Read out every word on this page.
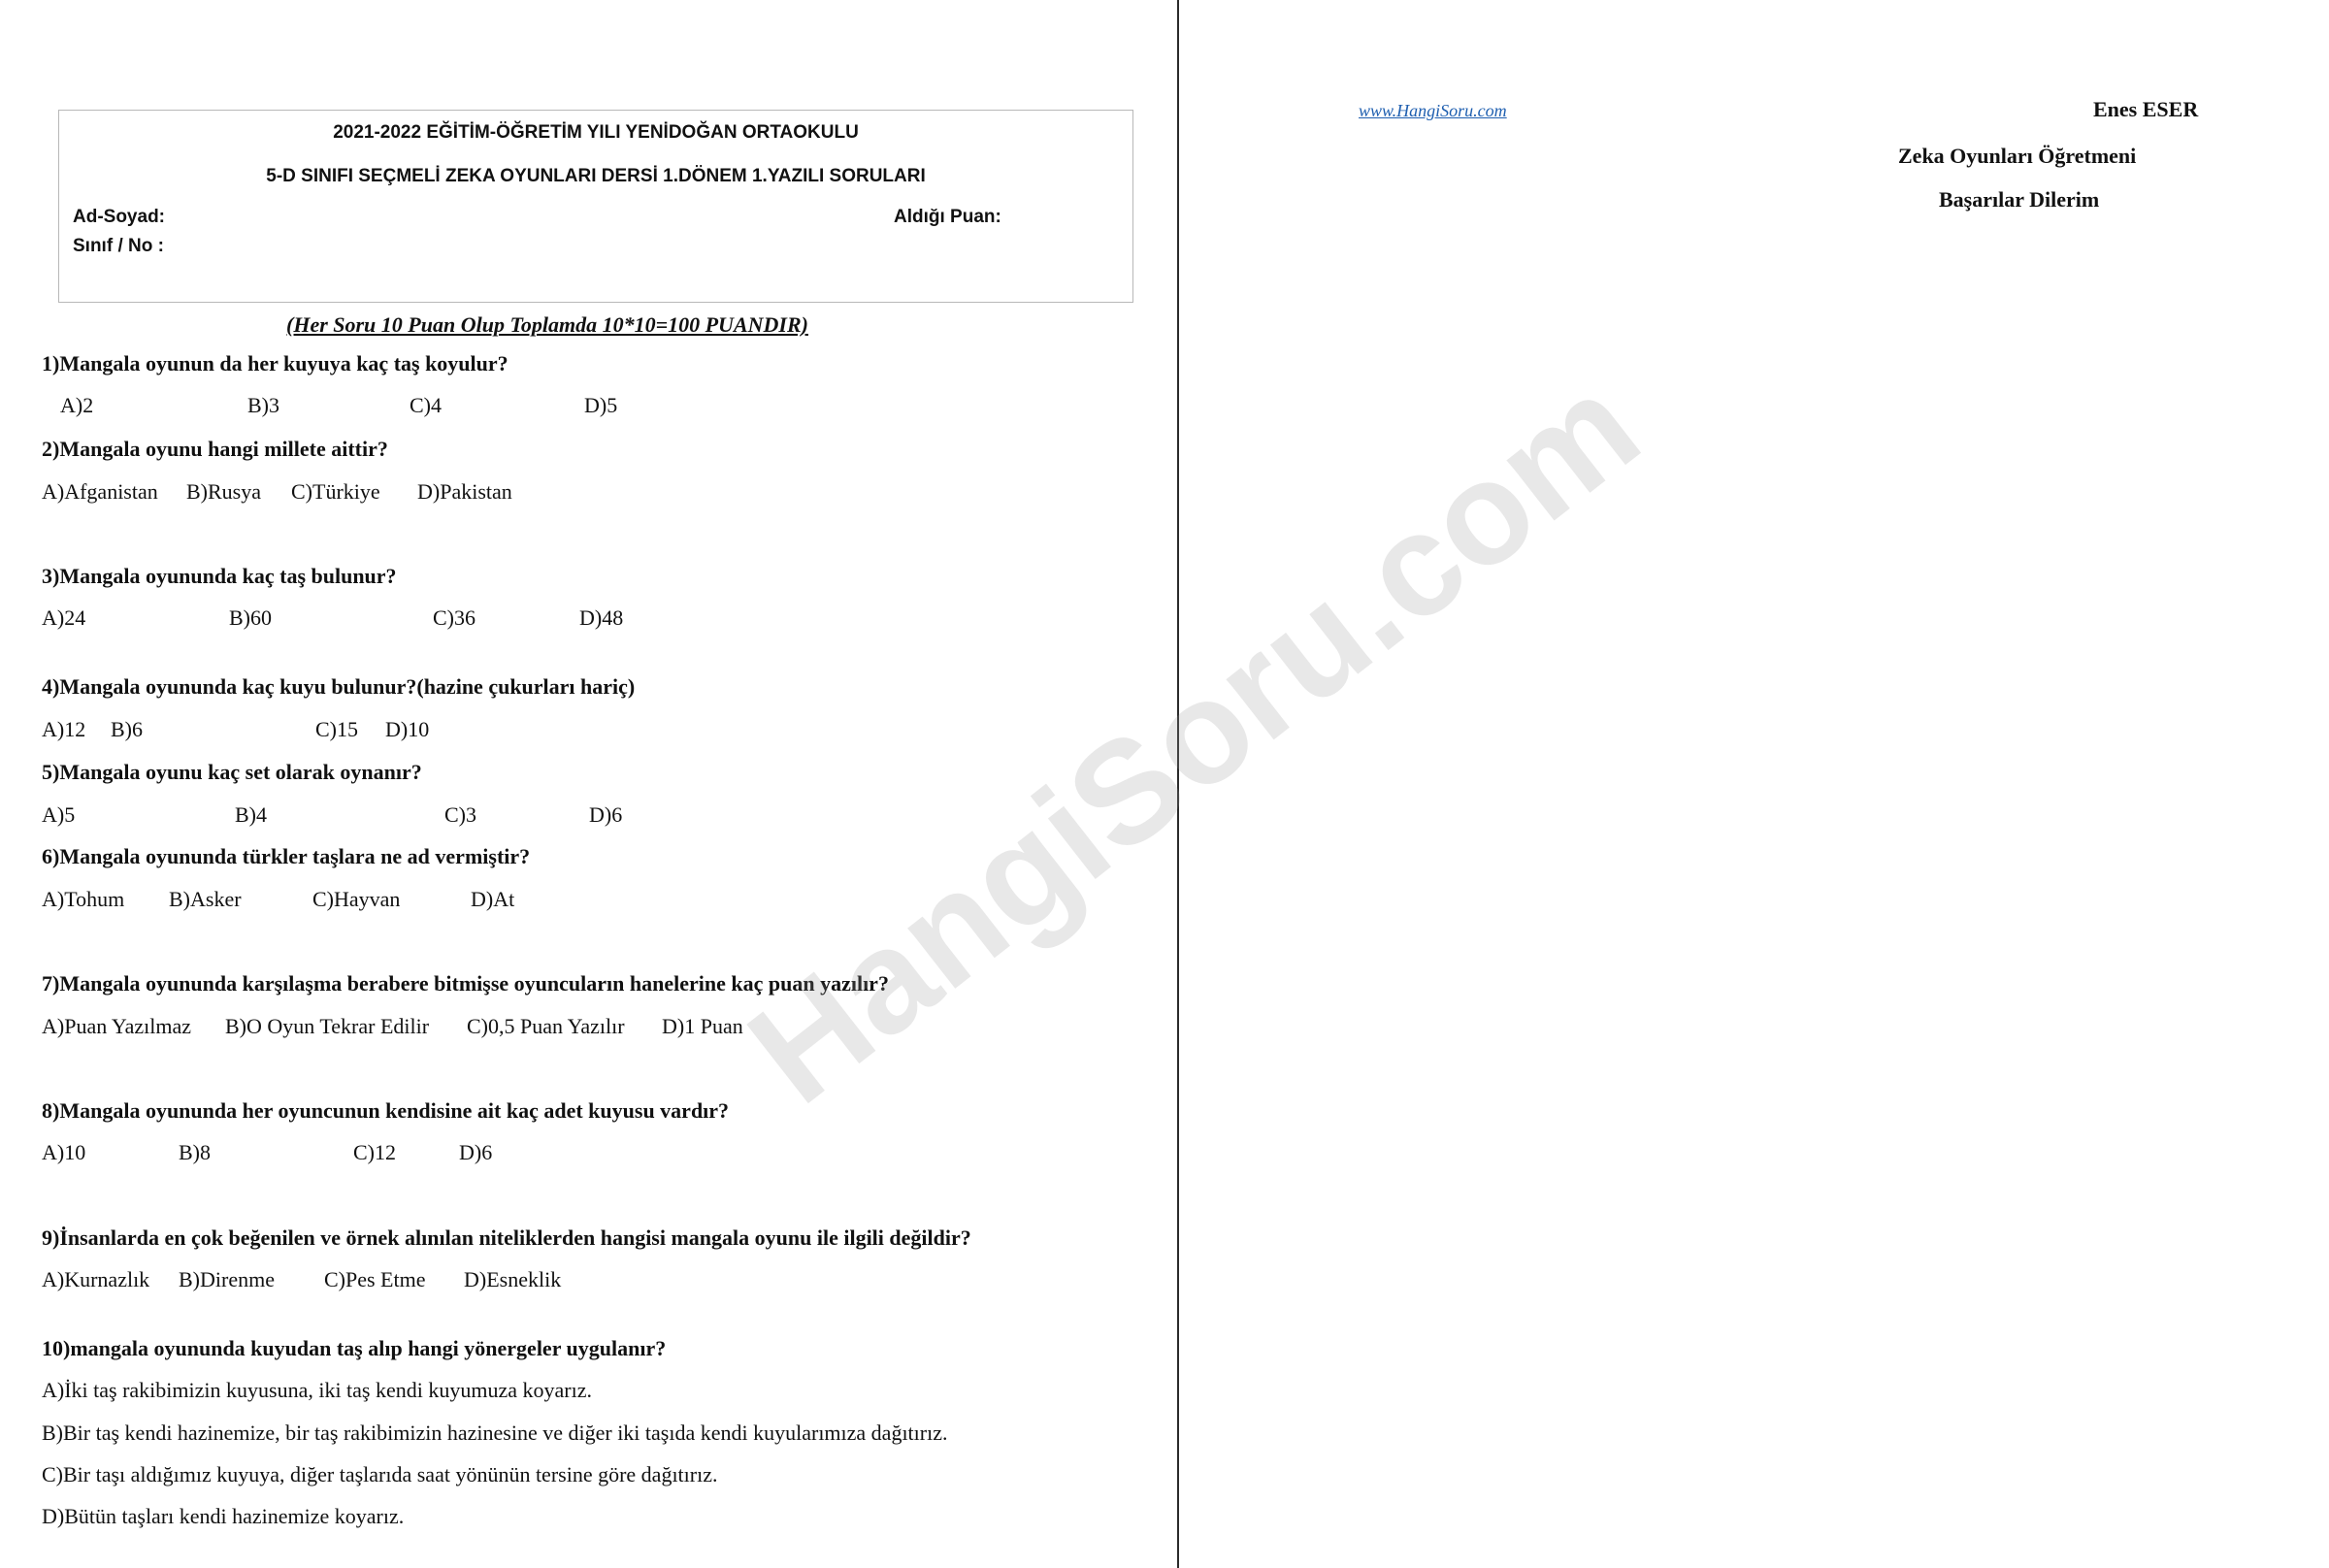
2021-2022 EĞİTİM-ÖĞRETİM YILI YENİDOĞAN ORTAOKULU
5-D SINIFI SEÇMELİ ZEKA OYUNLARI DERSİ 1.DÖNEM 1.YAZILI SORULARI
Ad-Soyad:
Sınıf / No :
Aldığı Puan:
(Her Soru 10 Puan Olup Toplamda 10*10=100 PUANDIR)
1)Mangala oyunun da her kuyuya kaç taş koyulur?
A)2	B)3	C)4	D)5
2)Mangala oyunu hangi millete aittir?
A)Afganistan B)Rusya C)Türkiye D)Pakistan
3)Mangala oyununda kaç taş bulunur?
A)24	B)60	C)36	D)48
4)Mangala oyununda kaç kuyu bulunur?(hazine çukurları hariç)
A)12 B)6	C)15 D)10
5)Mangala oyunu kaç set olarak oynanır?
A)5	B)4	C)3	D)6
6)Mangala oyununda türkler taşlara ne ad vermiştir?
A)Tohum B)Asker	C)Hayvan	D)At
7)Mangala oyununda karşılaşma berabere bitmişse oyuncuların hanelerine kaç puan yazılır?
A)Puan Yazılmaz B)O Oyun Tekrar Edilir C)0,5 Puan Yazılır D)1 Puan
8)Mangala oyununda her oyuncunun kendisine ait kaç adet kuyusu vardır?
A)10	B)8	C)12	D)6
9)İnsanlarda en çok beğenilen ve örnek alınılan niteliklerden hangisi mangala oyunu ile ilgili değildir?
A)Kurnazlık B)Direnme C)Pes Etme D)Esneklik
10)mangala oyununda kuyudan taş alıp hangi yönergeler uygulanır?
A)İki taş rakibimizin kuyusuna, iki taş kendi kuyumuza koyarız.
B)Bir taş kendi hazinemize, bir taş rakibimizin hazinesine ve diğer iki taşıda kendi kuyularımıza dağıtırız.
C)Bir taşı aldığımız kuyuya, diğer taşlarıda saat yönünün tersine göre dağıtırız.
D)Bütün taşları kendi hazinemize koyarız.
www.HangiSoru.com	Enes ESER
Zeka Oyunları Öğretmeni
Başarılar Dilerim
HangiSoru.com
